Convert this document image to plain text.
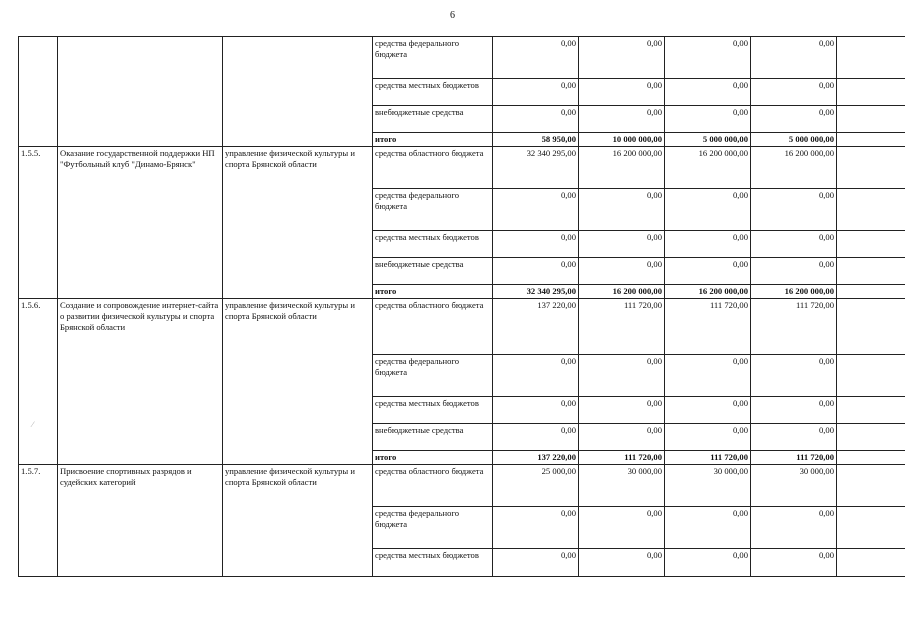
6
			средства федерального бюджета	0,00	0,00	0,00	0,00	
			средства местных бюджетов	0,00	0,00	0,00	0,00	
			внебюджетные средства	0,00	0,00	0,00	0,00	
			итого	58 950,00	10 000 000,00	5 000 000,00	5 000 000,00	
1.5.5.	Оказание государственной поддержки НП "Футбольный клуб "Динамо-Брянск"	управление физической культуры и спорта Брянской области	средства областного бюджета	32 340 295,00	16 200 000,00	16 200 000,00	16 200 000,00	
			средства федерального бюджета	0,00	0,00	0,00	0,00	
			средства местных бюджетов	0,00	0,00	0,00	0,00	
			внебюджетные средства	0,00	0,00	0,00	0,00	
			итого	32 340 295,00	16 200 000,00	16 200 000,00	16 200 000,00	
1.5.6.	Создание и сопровождение интернет-сайта о развитии физической культуры и спорта Брянской области	управление физической культуры и спорта Брянской области	средства областного бюджета	137 220,00	111 720,00	111 720,00	111 720,00	
			средства федерального бюджета	0,00	0,00	0,00	0,00	
			средства местных бюджетов	0,00	0,00	0,00	0,00	
			внебюджетные средства	0,00	0,00	0,00	0,00	
			итого	137 220,00	111 720,00	111 720,00	111 720,00	
1.5.7.	Присвоение спортивных разрядов и судейских категорий	управление физической культуры и спорта Брянской области	средства областного бюджета	25 000,00	30 000,00	30 000,00	30 000,00	
			средства федерального бюджета	0,00	0,00	0,00	0,00	
			средства местных бюджетов	0,00	0,00	0,00	0,00	
⁄
